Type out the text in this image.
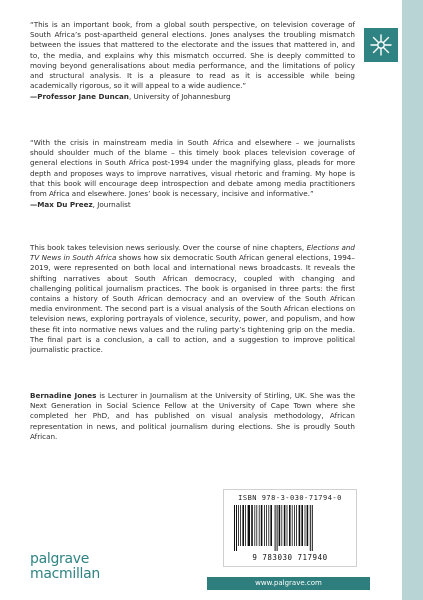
“This is an important book, from a global south perspective, on television coverage of South Africa’s post-apartheid general elections. Jones analyses the troubling mismatch between the issues that mattered to the electorate and the issues that mattered in, and to, the media, and explains why this mismatch occurred. She is deeply committed to moving beyond generalisations about media performance, and the limitations of policy and structural analysis. It is a pleasure to read as it is accessible while being academically rigorous, so it will appeal to a wide audience.”

—Professor Jane Duncan, University of Johannesburg

“With the crisis in mainstream media in South Africa and elsewhere – we journalists should shoulder much of the blame – this timely book places television coverage of general elections in South Africa post-1994 under the magnifying glass, pleads for more depth and proposes ways to improve narratives, visual rhetoric and framing. My hope is that this book will encourage deep introspection and debate among media practitioners from Africa and elsewhere. Jones’ book is necessary, incisive and informative.”

—Max Du Preez, Journalist

This book takes television news seriously. Over the course of nine chapters, Elections and TV News in South Africa shows how six democratic South African general elections, 1994–2019, were represented on both local and international news broadcasts. It reveals the shifting narratives about South African democracy, coupled with changing and challenging political journalism practices. The book is organised in three parts: the first contains a history of South African democracy and an overview of the South African media environment. The second part is a visual analysis of the South African elections on television news, exploring portrayals of violence, security, power, and populism, and how these fit into normative news values and the ruling party’s tightening grip on the media. The final part is a conclusion, a call to action, and a suggestion to improve political journalistic practice.

Bernadine Jones is Lecturer in Journalism at the University of Stirling, UK. She was the Next Generation in Social Science Fellow at the University of Cape Town where she completed her PhD, and has published on visual analysis methodology, African representation in news, and political journalism during elections. She is proudly South African.

ISBN 978-3-030-71794-0
9 783030 717940
www.palgrave.com
palgrave
macmillan
